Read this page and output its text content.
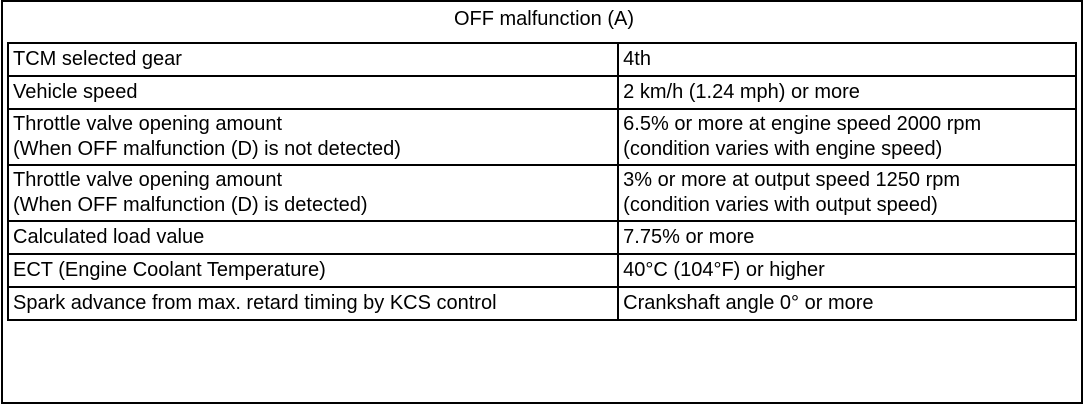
OFF malfunction (A)
TCM selected gear	4th

Vehicle speed	2 km/h (1.24 mph) or more

Throttle valve opening amount
(When OFF malfunction (D) is not detected)	6.5% or more at engine speed 2000 rpm
(condition varies with engine speed)

Throttle valve opening amount
(When OFF malfunction (D) is detected)	3% or more at output speed 1250 rpm
(condition varies with output speed)

Calculated load value	7.75% or more

ECT (Engine Coolant Temperature)	40°C (104°F) or higher

Spark advance from max. retard timing by KCS control	Crankshaft angle 0° or more
